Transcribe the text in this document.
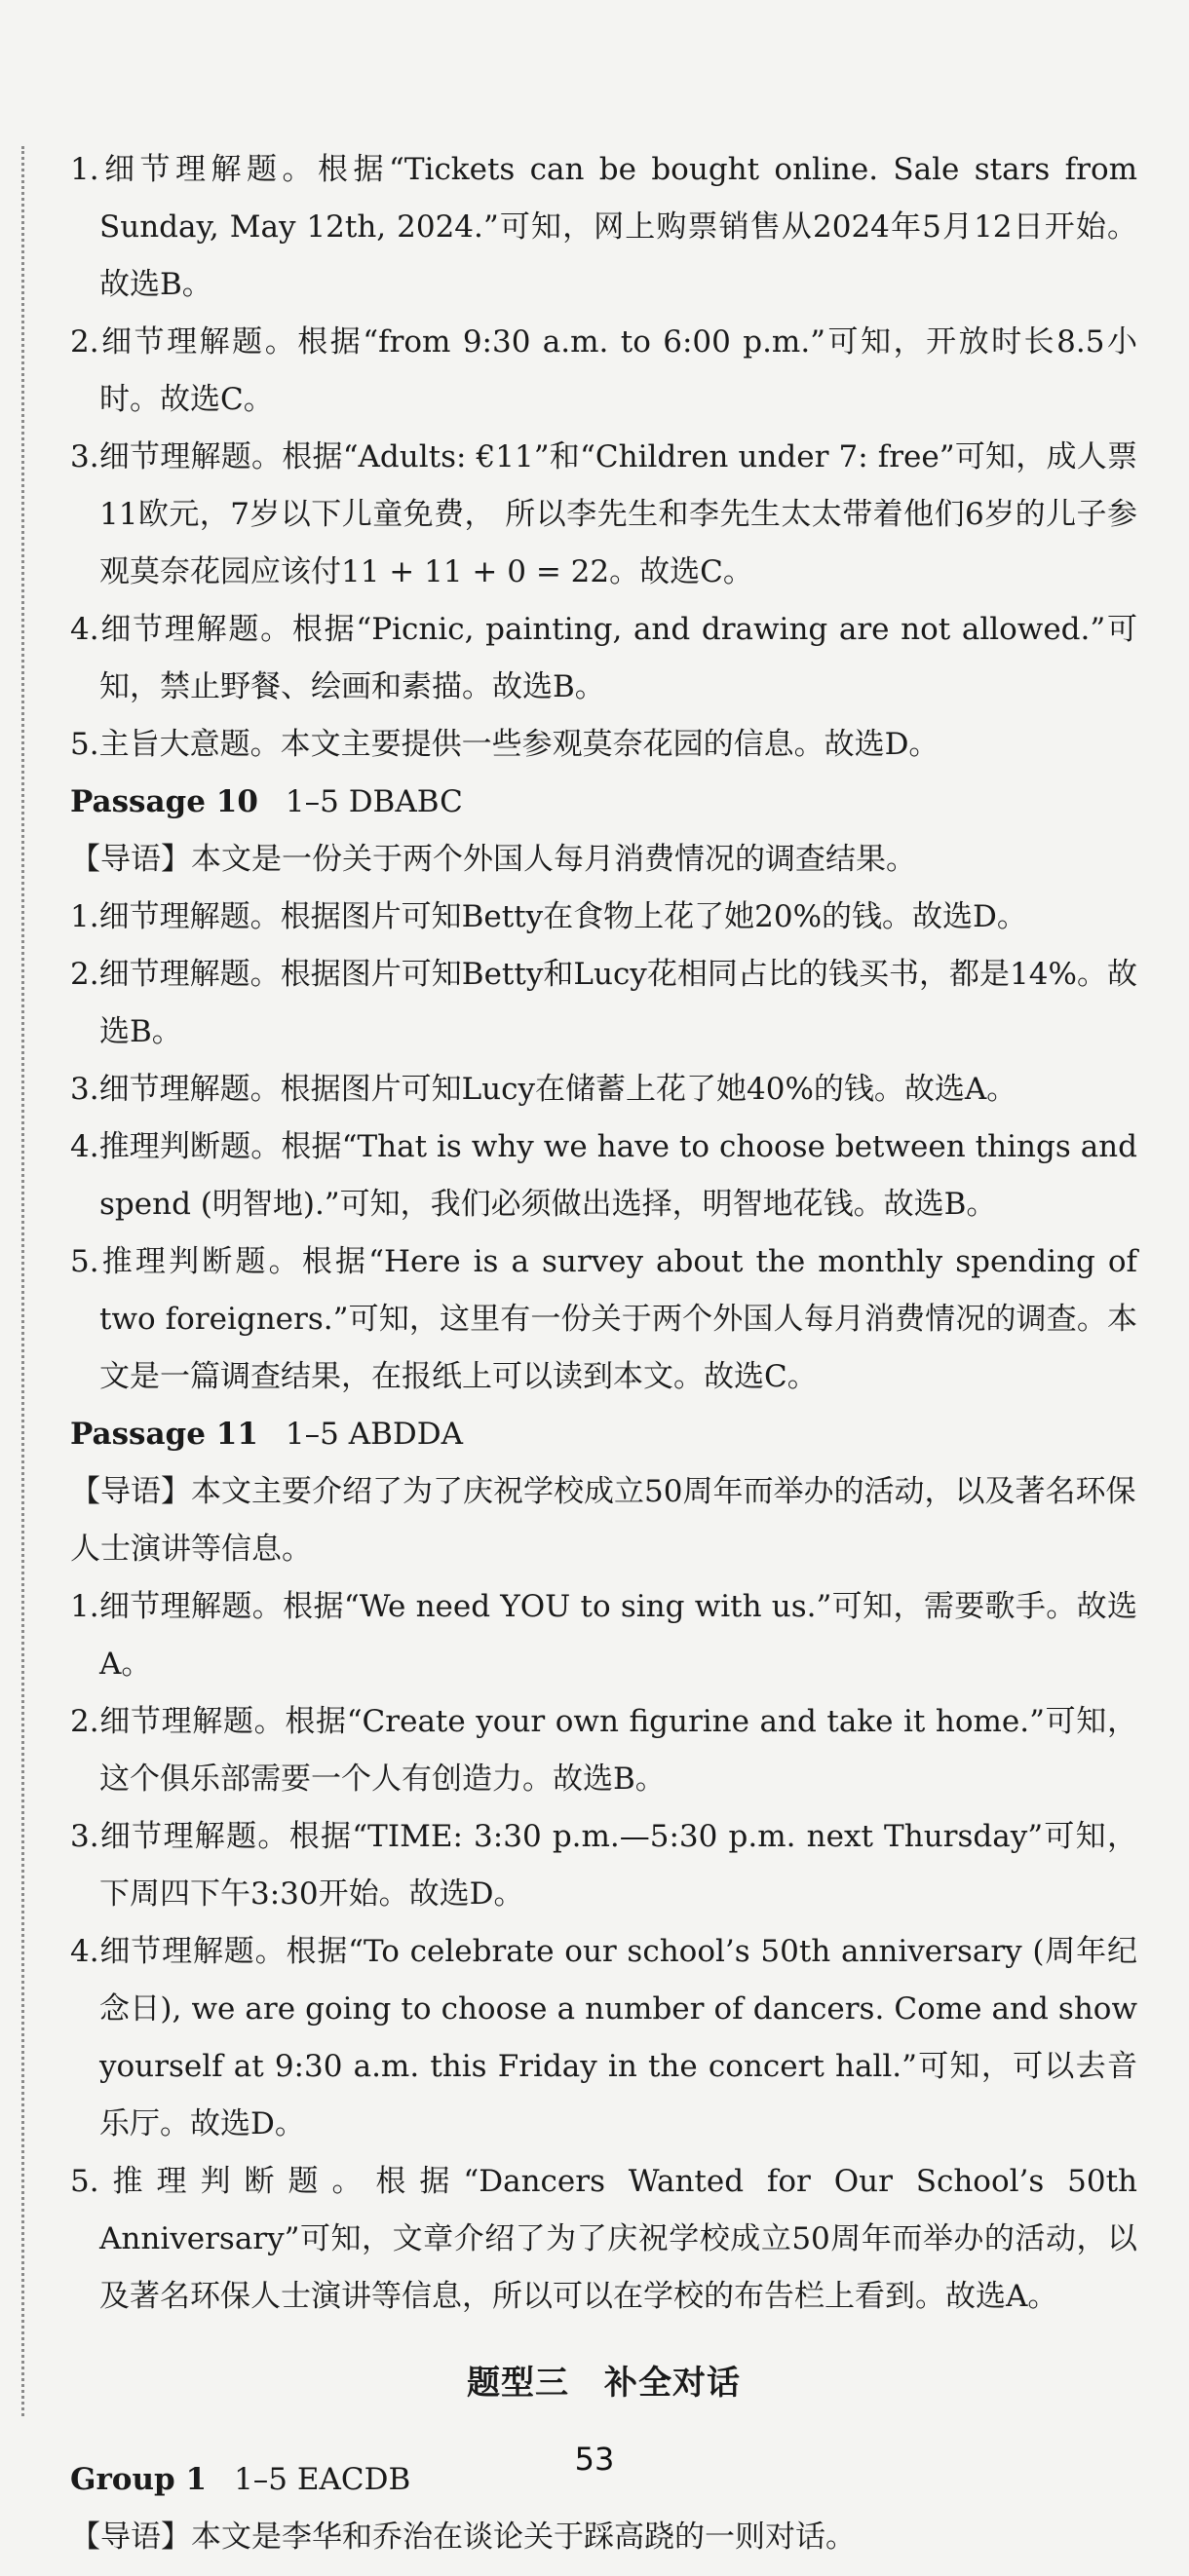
1.细节理解题。根据“Tickets can be bought online. Sale stars from Sunday, May 12th, 2024.”可知，网上购票销售从2024年5月12日开始。故选B。
2.细节理解题。根据“from 9:30 a.m. to 6:00 p.m.”可知，开放时长8.5小时。故选C。
3.细节理解题。根据“Adults: €11”和“Children under 7: free”可知，成人票11欧元，7岁以下儿童免费， 所以李先生和李先生太太带着他们6岁的儿子参观莫奈花园应该付11 + 11 + 0 = 22。故选C。
4.细节理解题。根据“Picnic, painting, and drawing are not allowed.”可知，禁止野餐、绘画和素描。故选B。
5.主旨大意题。本文主要提供一些参观莫奈花园的信息。故选D。
Passage 10 1–5 DBABC
【导语】本文是一份关于两个外国人每月消费情况的调查结果。
1.细节理解题。根据图片可知Betty在食物上花了她20%的钱。故选D。
2.细节理解题。根据图片可知Betty和Lucy花相同占比的钱买书，都是14%。故选B。
3.细节理解题。根据图片可知Lucy在储蓄上花了她40%的钱。故选A。
4.推理判断题。根据“That is why we have to choose between things and spend (明智地).”可知，我们必须做出选择，明智地花钱。故选B。
5.推理判断题。根据“Here is a survey about the monthly spending of two foreigners.”可知，这里有一份关于两个外国人每月消费情况的调查。本文是一篇调查结果，在报纸上可以读到本文。故选C。
Passage 11 1–5 ABDDA
【导语】本文主要介绍了为了庆祝学校成立50周年而举办的活动，以及著名环保人士演讲等信息。
1.细节理解题。根据“We need YOU to sing with us.”可知，需要歌手。故选A。
2.细节理解题。根据“Create your own figurine and take it home.”可知，这个俱乐部需要一个人有创造力。故选B。
3.细节理解题。根据“TIME: 3:30 p.m.—5:30 p.m. next Thursday”可知，下周四下午3:30开始。故选D。
4.细节理解题。根据“To celebrate our school’s 50th anniversary (周年纪念日), we are going to choose a number of dancers. Come and show yourself at 9:30 a.m. this Friday in the concert hall.”可知，可以去音乐厅。故选D。
5.推理判断题。根据“Dancers Wanted for Our School’s 50th Anniversary”可知，文章介绍了为了庆祝学校成立50周年而举办的活动，以及著名环保人士演讲等信息，所以可以在学校的布告栏上看到。故选A。
题型三 补全对话
Group 1 1–5 EACDB
【导语】本文是李华和乔治在谈论关于踩高跷的一则对话。
53
